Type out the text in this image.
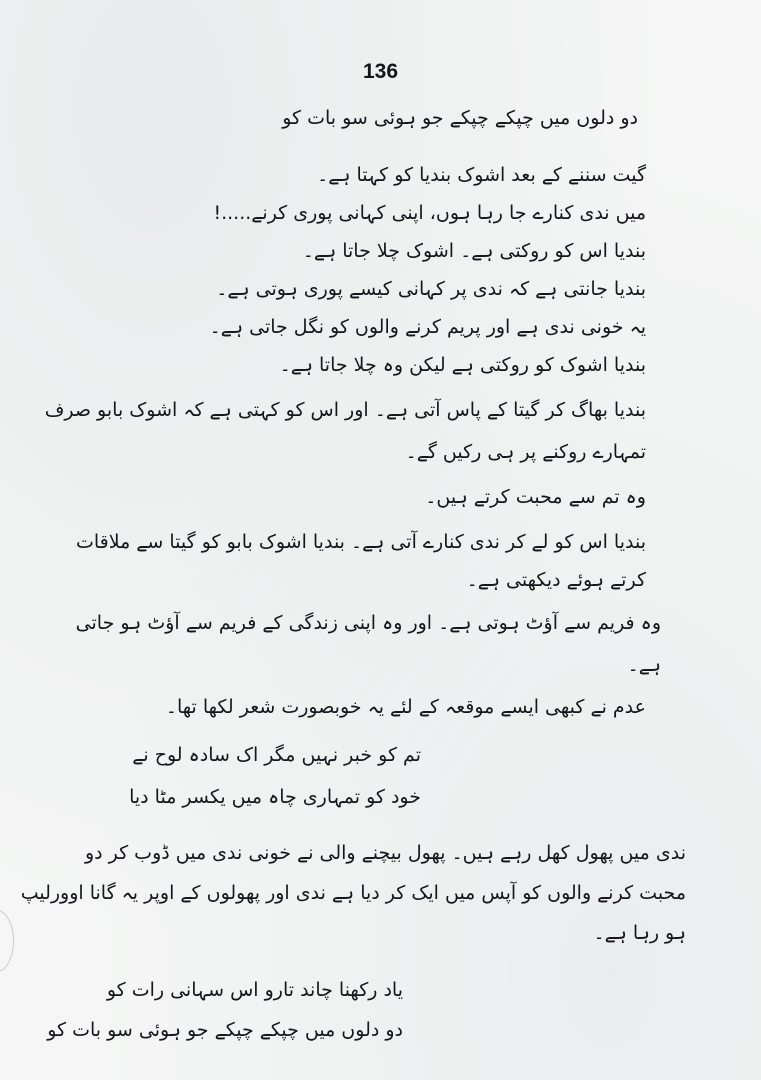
136
دو دلوں میں چپکے چپکے جو ہوئی سو بات کو
گیت سننے کے بعد اشوک بندیا کو کہتا ہے۔
میں ندی کنارے جا رہا ہوں، اپنی کہانی پوری کرنے.....!
بندیا اس کو روکتی ہے۔ اشوک چلا جاتا ہے۔
بندیا جانتی ہے کہ ندی پر کہانی کیسے پوری ہوتی ہے۔
یہ خونی ندی ہے اور پریم کرنے والوں کو نگل جاتی ہے۔
بندیا اشوک کو روکتی ہے لیکن وہ چلا جاتا ہے۔
بندیا بھاگ کر گیتا کے پاس آتی ہے۔ اور اس کو کہتی ہے کہ اشوک بابو صرف
تمہارے روکنے پر ہی رکیں گے۔
وہ تم سے محبت کرتے ہیں۔
بندیا اس کو لے کر ندی کنارے آتی ہے۔ بندیا اشوک بابو کو گیتا سے ملاقات
کرتے ہوئے دیکھتی ہے۔
وہ فریم سے آؤٹ ہوتی ہے۔ اور وہ اپنی زندگی کے فریم سے آؤٹ ہو جاتی
ہے۔
عدم نے کبھی ایسے موقعہ کے لئے یہ خوبصورت شعر لکھا تھا۔
تم کو خبر نہیں مگر اک سادہ لوح نے
خود کو تمہاری چاہ میں یکسر مٹا دیا
ندی میں پھول کھل رہے ہیں۔ پھول بیچنے والی نے خونی ندی میں ڈوب کر دو
محبت کرنے والوں کو آپس میں ایک کر دیا ہے ندی اور پھولوں کے اوپر یہ گانا اوورلیپ
ہو رہا ہے۔
یاد رکھنا چاند تارو اس سہانی رات کو
دو دلوں میں چپکے چپکے جو ہوئی سو بات کو
